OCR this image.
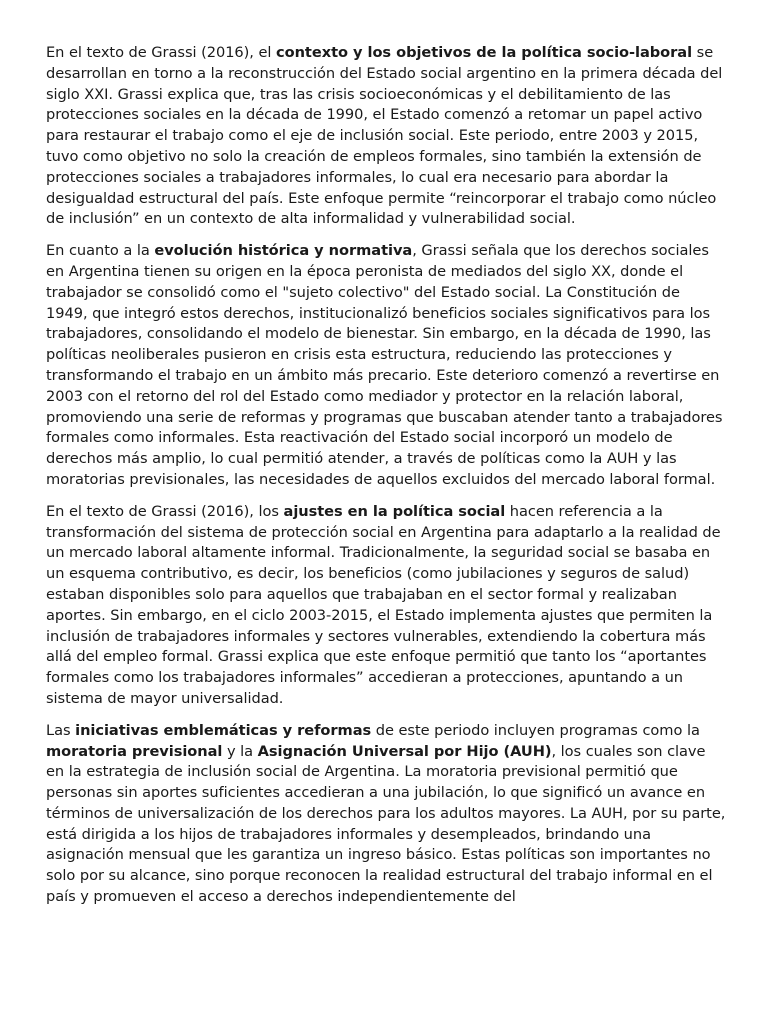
En el texto de Grassi (2016), el contexto y los objetivos de la política socio-laboral se desarrollan en torno a la reconstrucción del Estado social argentino en la primera década del siglo XXI. Grassi explica que, tras las crisis socioeconómicas y el debilitamiento de las protecciones sociales en la década de 1990, el Estado comenzó a retomar un papel activo para restaurar el trabajo como el eje de inclusión social. Este periodo, entre 2003 y 2015, tuvo como objetivo no solo la creación de empleos formales, sino también la extensión de protecciones sociales a trabajadores informales, lo cual era necesario para abordar la desigualdad estructural del país. Este enfoque permite “reincorporar el trabajo como núcleo de inclusión” en un contexto de alta informalidad y vulnerabilidad social.

En cuanto a la evolución histórica y normativa, Grassi señala que los derechos sociales en Argentina tienen su origen en la época peronista de mediados del siglo XX, donde el trabajador se consolidó como el "sujeto colectivo" del Estado social. La Constitución de 1949, que integró estos derechos, institucionalizó beneficios sociales significativos para los trabajadores, consolidando el modelo de bienestar. Sin embargo, en la década de 1990, las políticas neoliberales pusieron en crisis esta estructura, reduciendo las protecciones y transformando el trabajo en un ámbito más precario. Este deterioro comenzó a revertirse en 2003 con el retorno del rol del Estado como mediador y protector en la relación laboral, promoviendo una serie de reformas y programas que buscaban atender tanto a trabajadores formales como informales. Esta reactivación del Estado social incorporó un modelo de derechos más amplio, lo cual permitió atender, a través de políticas como la AUH y las moratorias previsionales, las necesidades de aquellos excluidos del mercado laboral formal.

En el texto de Grassi (2016), los ajustes en la política social hacen referencia a la transformación del sistema de protección social en Argentina para adaptarlo a la realidad de un mercado laboral altamente informal. Tradicionalmente, la seguridad social se basaba en un esquema contributivo, es decir, los beneficios (como jubilaciones y seguros de salud) estaban disponibles solo para aquellos que trabajaban en el sector formal y realizaban aportes. Sin embargo, en el ciclo 2003-2015, el Estado implementa ajustes que permiten la inclusión de trabajadores informales y sectores vulnerables, extendiendo la cobertura más allá del empleo formal. Grassi explica que este enfoque permitió que tanto los “aportantes formales como los trabajadores informales” accedieran a protecciones, apuntando a un sistema de mayor universalidad.

Las iniciativas emblemáticas y reformas de este periodo incluyen programas como la moratoria previsional y la Asignación Universal por Hijo (AUH), los cuales son clave en la estrategia de inclusión social de Argentina. La moratoria previsional permitió que personas sin aportes suficientes accedieran a una jubilación, lo que significó un avance en términos de universalización de los derechos para los adultos mayores. La AUH, por su parte, está dirigida a los hijos de trabajadores informales y desempleados, brindando una asignación mensual que les garantiza un ingreso básico. Estas políticas son importantes no solo por su alcance, sino porque reconocen la realidad estructural del trabajo informal en el país y promueven el acceso a derechos independientemente del
